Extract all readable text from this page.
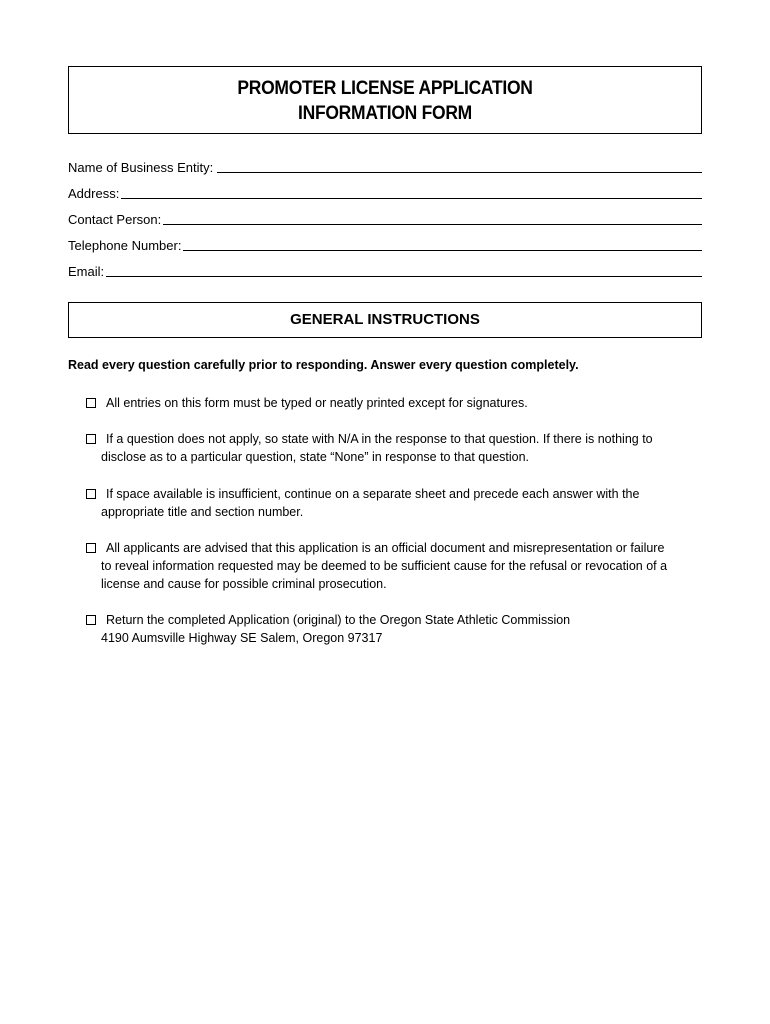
PROMOTER LICENSE APPLICATION
INFORMATION FORM
Name of Business Entity:
Address:
Contact Person:
Telephone Number:
Email:
GENERAL INSTRUCTIONS
Read every question carefully prior to responding. Answer every question completely.
All entries on this form must be typed or neatly printed except for signatures.
If a question does not apply, so state with N/A in the response to that question. If there is nothing to
disclose as to a particular question, state “None” in response to that question.
If space available is insufficient, continue on a separate sheet and precede each answer with the
appropriate title and section number.
All applicants are advised that this application is an official document and misrepresentation or failure
to reveal information requested may be deemed to be sufficient cause for the refusal or revocation of a
license and cause for possible criminal prosecution.
Return the completed Application (original) to the Oregon State Athletic Commission
4190 Aumsville Highway SE Salem, Oregon 97317
